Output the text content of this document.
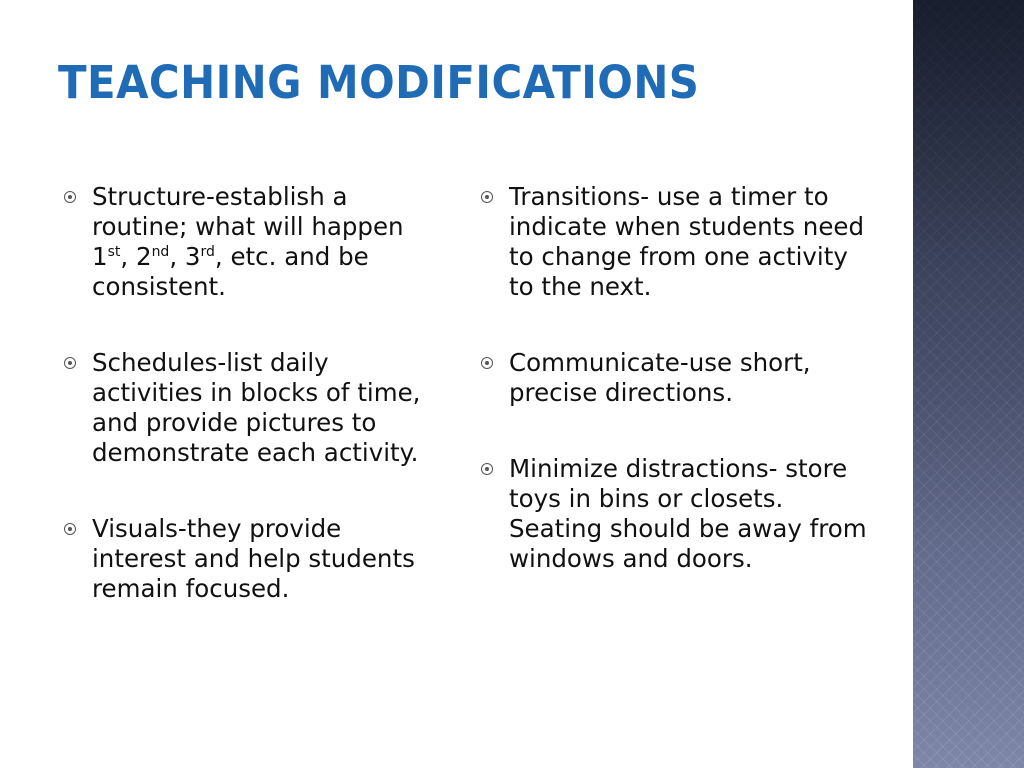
TEACHING MODIFICATIONS
Structure-establish a routine; what will happen 1st, 2nd, 3rd, etc. and be consistent.
Schedules-list daily activities in blocks of time, and provide pictures to demonstrate each activity.
Visuals-they provide interest and help students remain focused.
Transitions- use a timer to indicate when students need to change from one activity to the next.
Communicate-use short, precise directions.
Minimize distractions- store toys in bins or closets. Seating should be away from windows and doors.
